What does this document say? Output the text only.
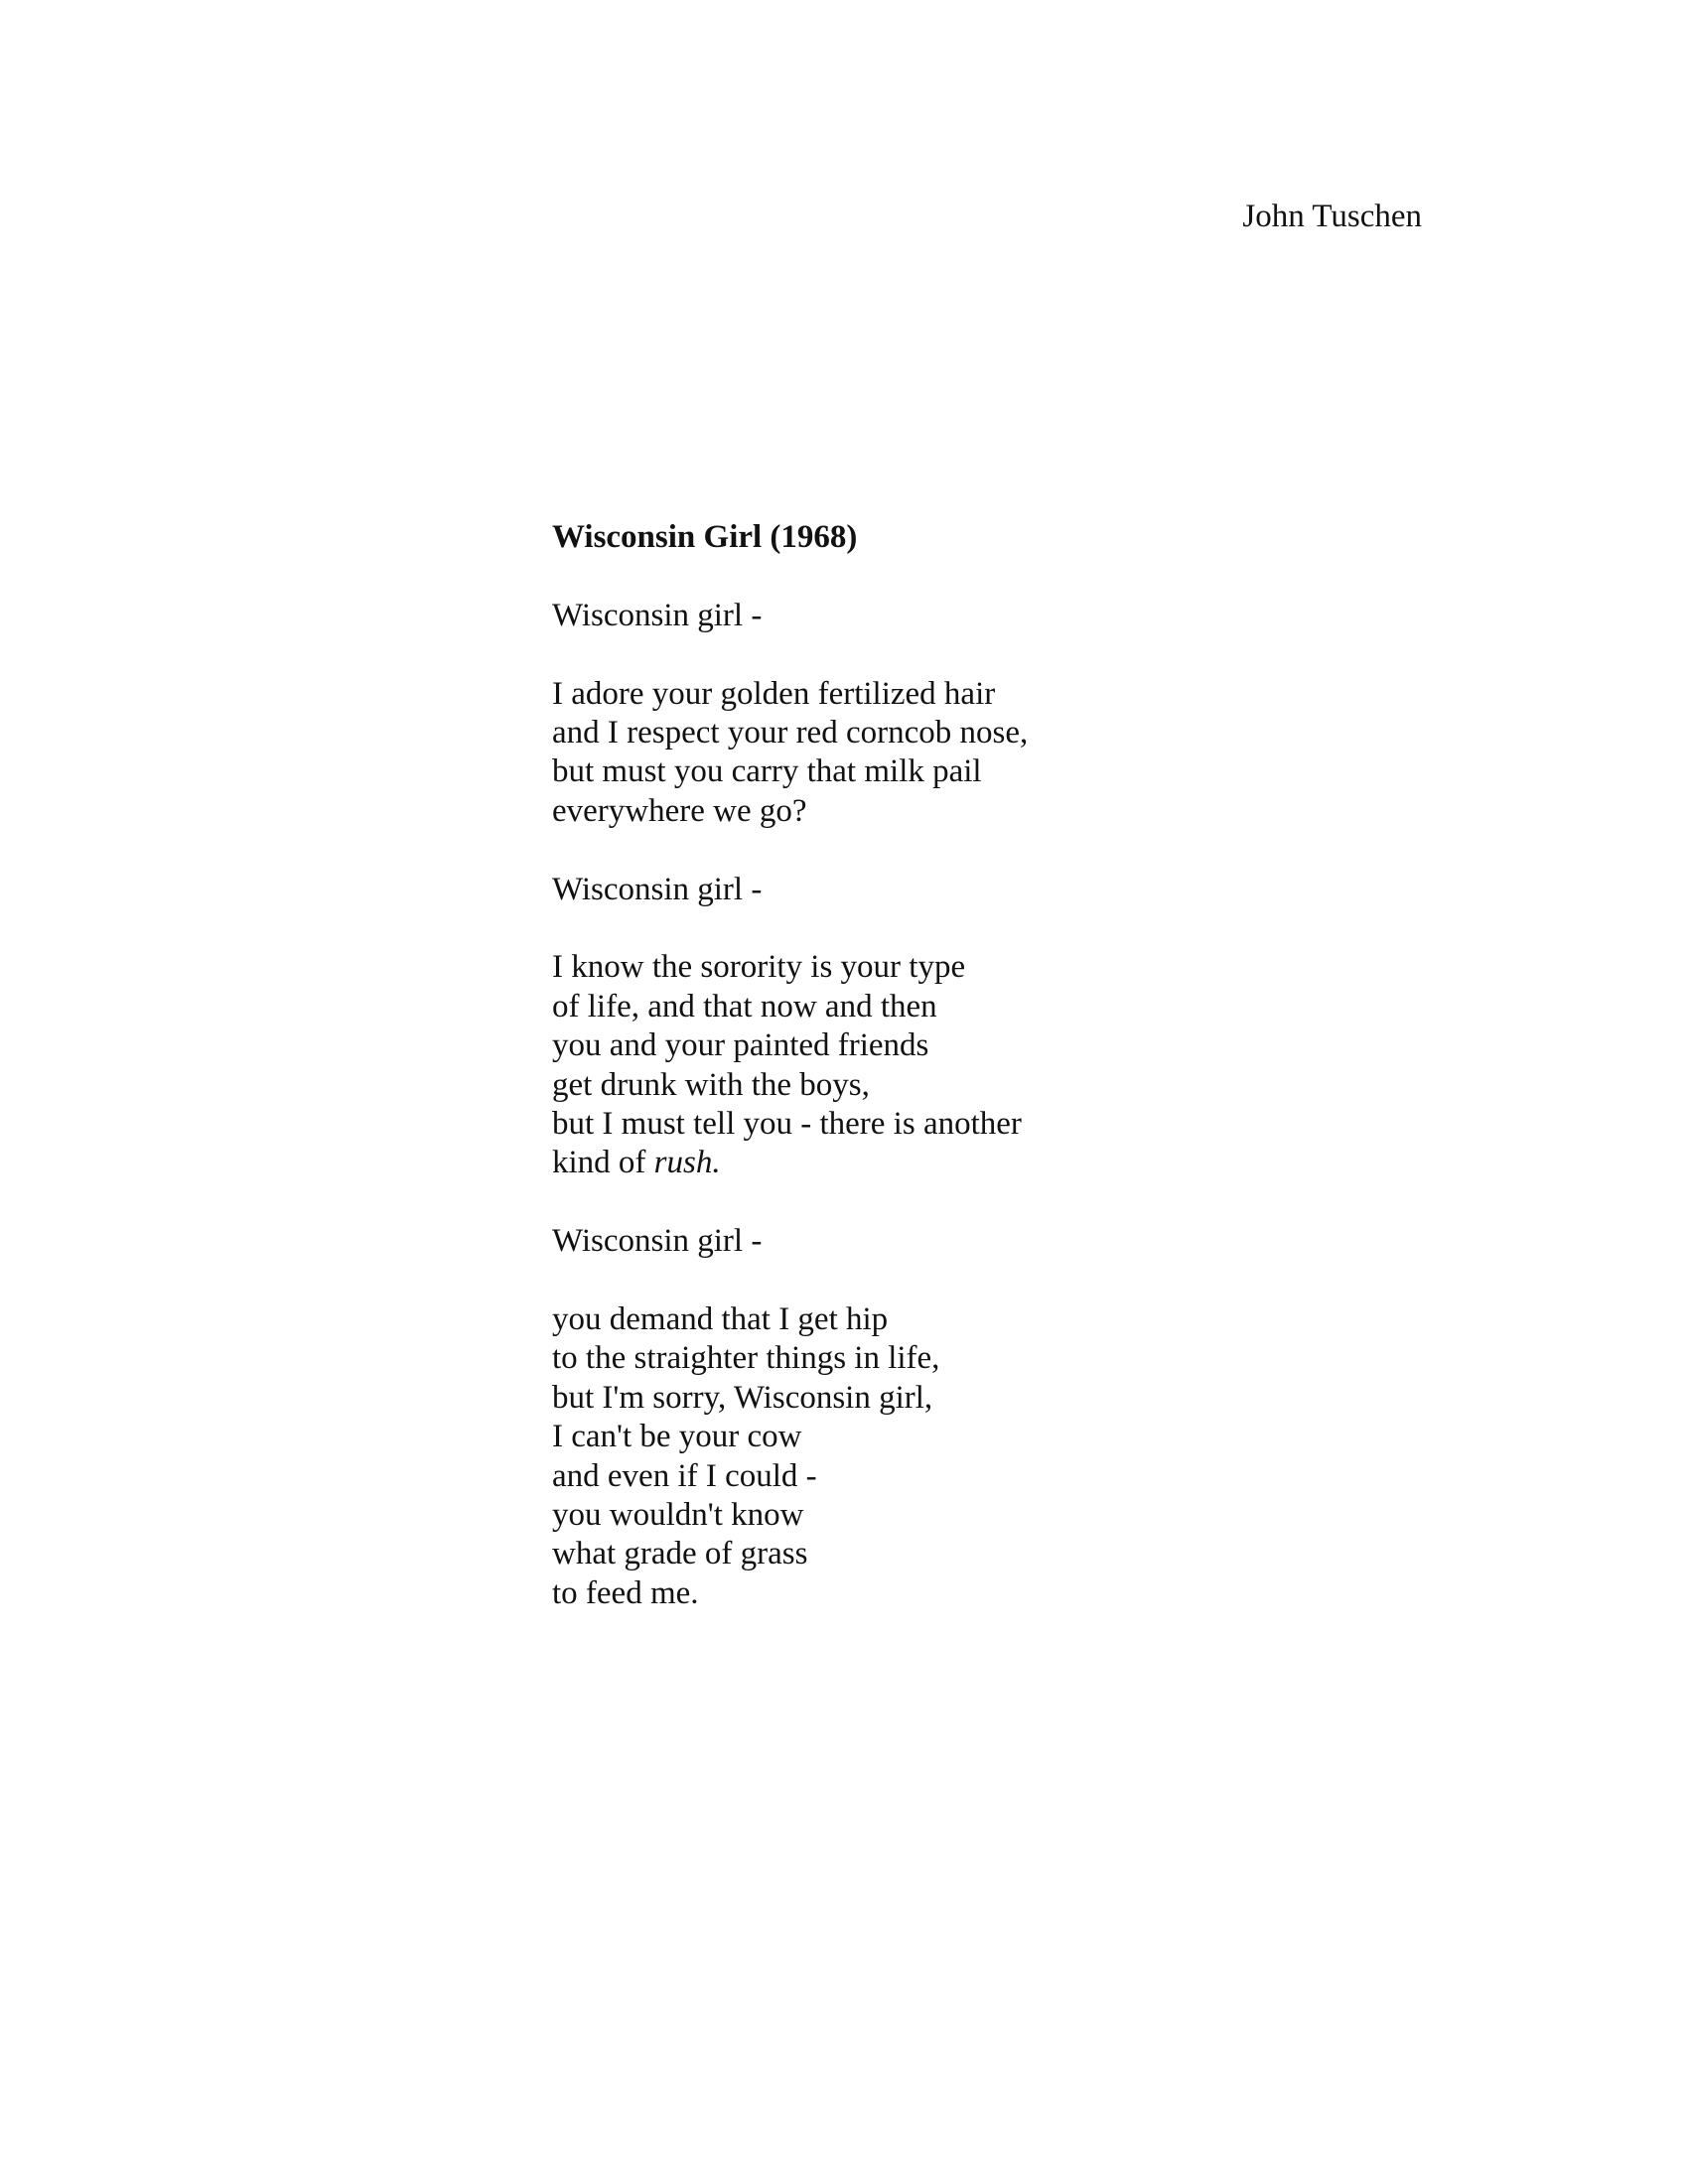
John Tuschen
Wisconsin Girl (1968)
Wisconsin girl -
I adore your golden fertilized hair
and I respect your red corncob nose,
but must you carry that milk pail
everywhere we go?
Wisconsin girl -
I know the sorority is your type
of life, and that now and then
you and your painted friends
get drunk with the boys,
but I must tell you - there is another
kind of rush.
Wisconsin girl -
you demand that I get hip
to the straighter things in life,
but I'm sorry, Wisconsin girl,
I can't be your cow
and even if I could -
you wouldn't know
what grade of grass
to feed me.
